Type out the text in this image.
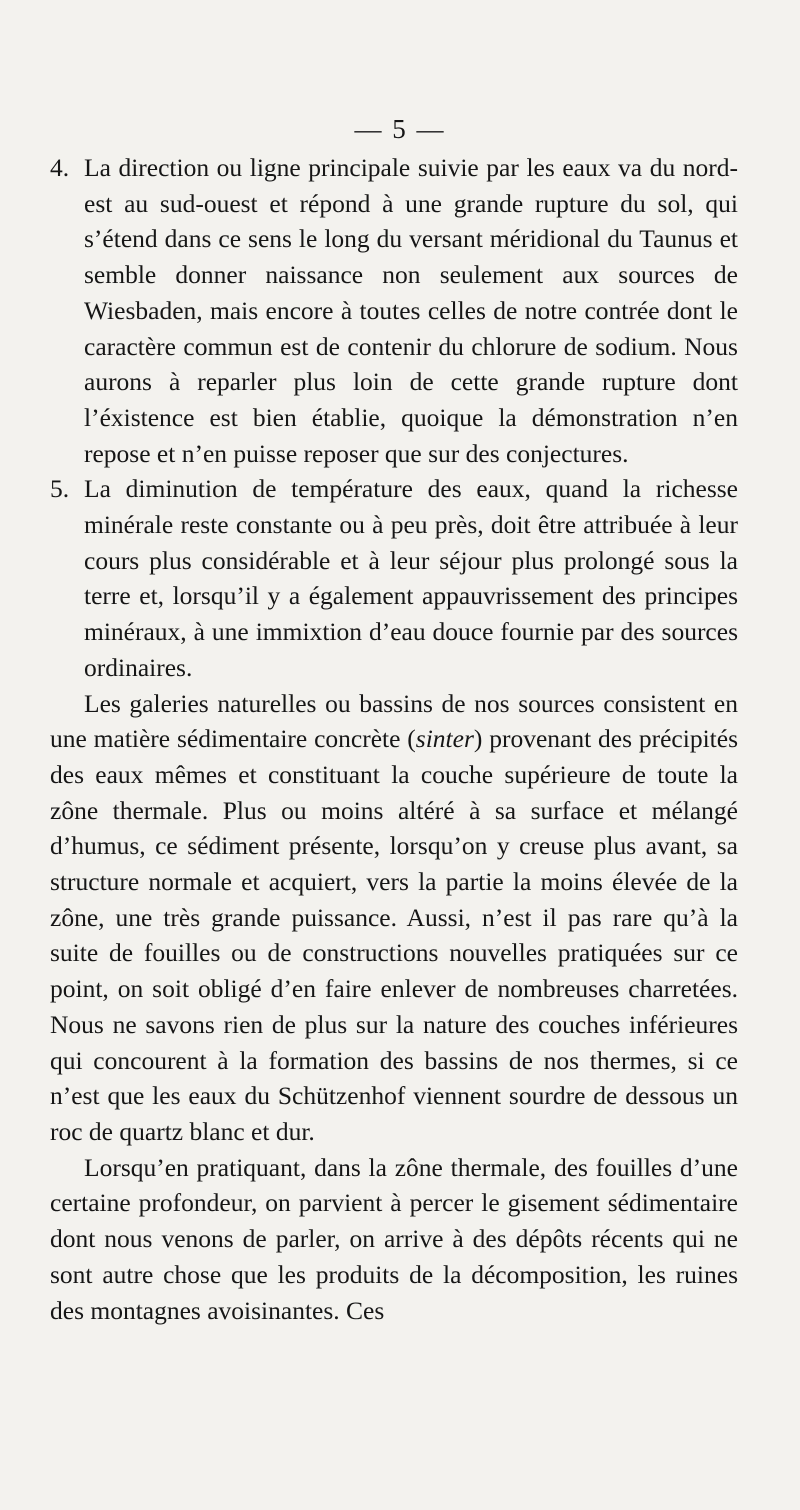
— 5 —

4. La direction ou ligne principale suivie par les eaux va du nord-est au sud-ouest et répond à une grande rupture du sol, qui s’étend dans ce sens le long du versant méridional du Taunus et semble donner naissance non seulement aux sources de Wiesbaden, mais encore à toutes celles de notre contrée dont le caractère commun est de contenir du chlorure de sodium. Nous aurons à reparler plus loin de cette grande rupture dont l’éxistence est bien établie, quoique la démonstration n’en repose et n’en puisse reposer que sur des conjectures.

5. La diminution de température des eaux, quand la richesse minérale reste constante ou à peu près, doit être attribuée à leur cours plus considérable et à leur séjour plus prolongé sous la terre et, lorsqu’il y a également appauvrissement des principes minéraux, à une immixtion d’eau douce fournie par des sources ordinaires.

Les galeries naturelles ou bassins de nos sources consistent en une matière sédimentaire concrète (sinter) provenant des précipités des eaux mêmes et constituant la couche supérieure de toute la zône thermale. Plus ou moins altéré à sa surface et mélangé d’humus, ce sédiment présente, lorsqu’on y creuse plus avant, sa structure normale et acquiert, vers la partie la moins élevée de la zône, une très grande puissance. Aussi, n’est il pas rare qu’à la suite de fouilles ou de constructions nouvelles pratiquées sur ce point, on soit obligé d’en faire enlever de nombreuses charretées. Nous ne savons rien de plus sur la nature des couches inférieures qui concourent à la formation des bassins de nos thermes, si ce n’est que les eaux du Schützenhof viennent sourdre de dessous un roc de quartz blanc et dur.

Lorsqu’en pratiquant, dans la zône thermale, des fouilles d’une certaine profondeur, on parvient à percer le gisement sédimentaire dont nous venons de parler, on arrive à des dépôts récents qui ne sont autre chose que les produits de la décomposition, les ruines des montagnes avoisinantes. Ces
